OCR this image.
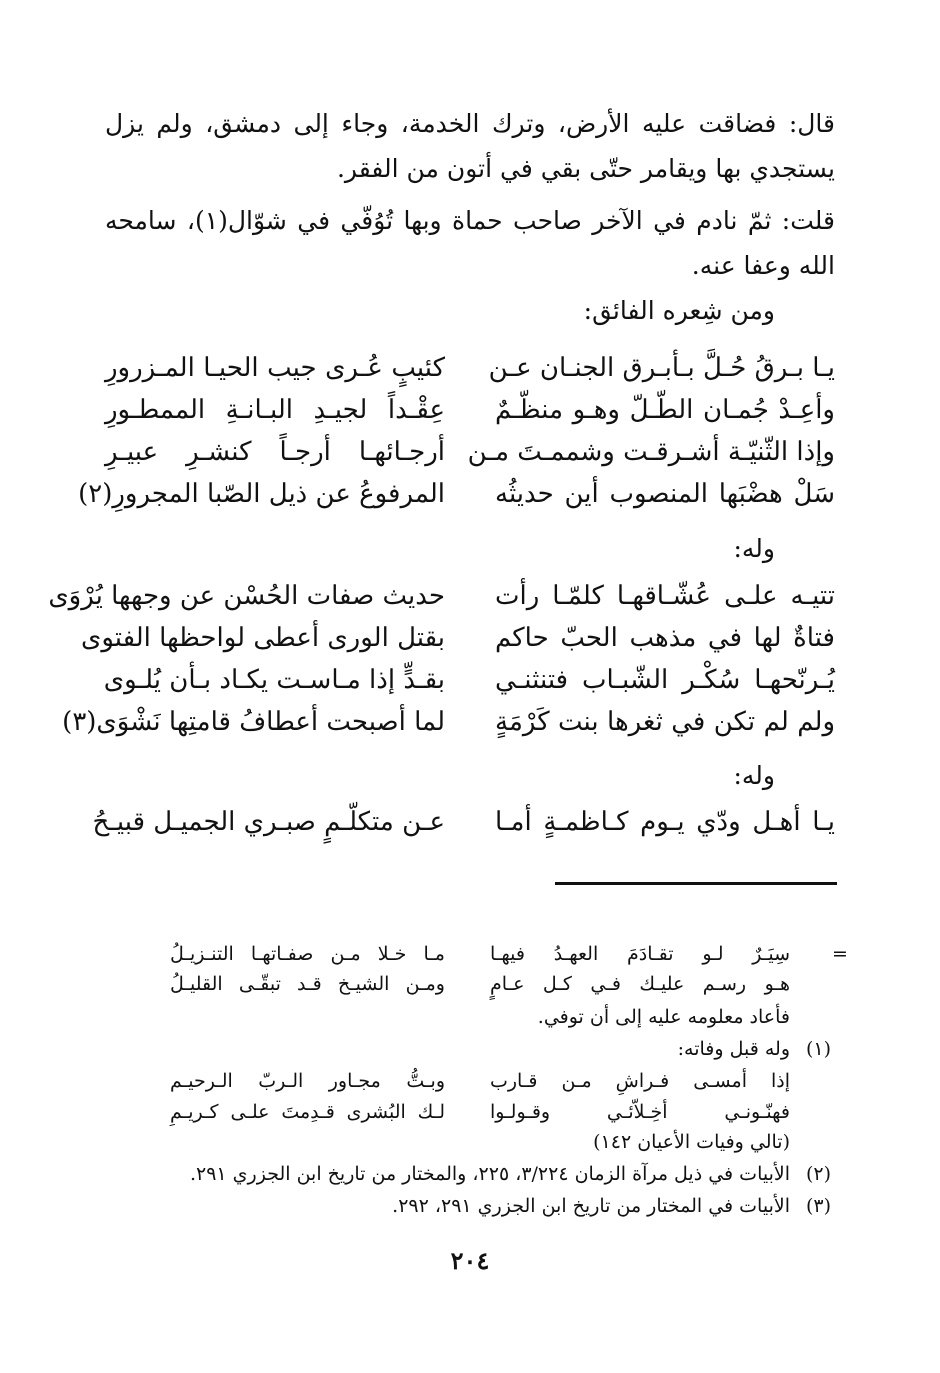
قال: فضاقت عليه الأرض، وترك الخدمة، وجاء إلى دمشق، ولم يزل
يستجدي بها ويقامر حتّى بقي في أتون من الفقر.
قلت: ثمّ نادم في الآخر صاحب حماة وبها تُوُفّي في شوّال(١)، سامحه
الله وعفا عنه.
ومن شِعره الفائق:
يـا بـرقُ حُـلَّ بـأبـرق الجنـان عـن
كئيبٍ عُـرى جيب الحيـا المـزرورِ
وأعِـدْ جُمـان الطّـلّ وهـو منظّـمٌ
عِقْـداً لجيـدِ البـانـةِ الممطـورِ
وإذا الثّنيّـة أشـرقـت وشممـتَ مـن
أرجـائهـا أرجـاً كنشـرِ عبيـرِ
سَلْ هضْبَها المنصوب أين حديثُه
المرفوعُ عن ذيل الصّبا المجرورِ(٢)
وله:
تتيـه علـى عُشّـاقهـا كلمّـا رأت
حديث صفات الحُسْن عن وجهها يُرْوَى
فتاةٌ لها في مذهب الحبّ حاكم
بقتل الورى أعطى لواحظها الفتوى
يُـرنّحهـا سُكْـر الشّبـاب فتنثنـي
بقـدٍّ إذا مـاسـت يكـاد بـأن يُلـوى
ولم لم تكن في ثغرها بنت كَرْمَةٍ
لما أصبحت أعطافُ قامتِها نَشْوَى(٣)
وله:
يـا أهـل ودّي يـوم كـاظمـةٍ أمـا
عـن متكلّـمٍ صبـري الجميـل قبيـحُ
=
سِيَـرٌ لـو تقـادَمَ العهـدُ فيهـا
مـا خـلا مـن صفـاتهـا التنـزيـلُ
هـو رسـم عليـك فـي كـل عـامٍ
ومـن الشيـخ قـد تبقّـى القليـلُ
فأعاد معلومه عليه إلى أن توفي.
(١)
وله قبل وفاته:
إذا أمسـى فـراشِ مـن قـارب
وبـتُّ مجـاور الـربّ الـرحيـم
فهنّـونـي أخِـلاّئـي وقـولـوا
لـك البُشرى قـدِمتَ علـى كـريـمِ
(تالي وفيات الأعيان ١٤٢)
(٢)
الأبيات في ذيل مرآة الزمان ٣/٢٢٤، ٢٢٥، والمختار من تاريخ ابن الجزري ٢٩١.
(٣)
الأبيات في المختار من تاريخ ابن الجزري ٢٩١، ٢٩٢.
٢٠٤
